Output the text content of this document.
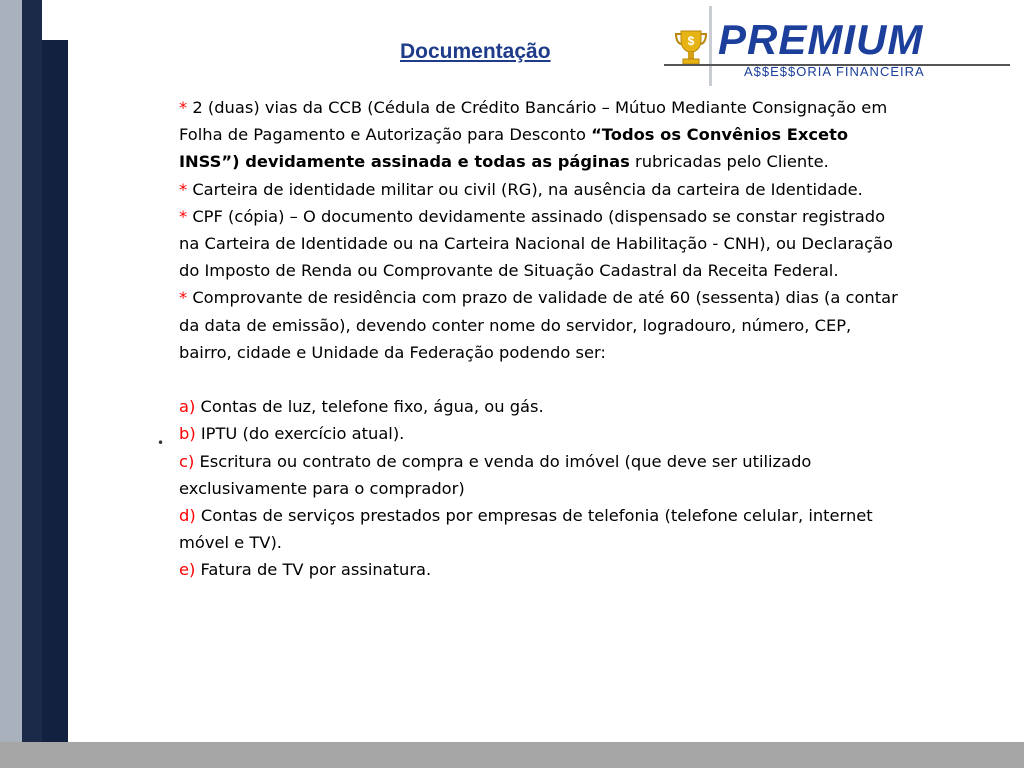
Documentação	$ PREMIUM
A$$E$$ORIA FINANCEIRA
•

* 2 (duas) vias da CCB (Cédula de Crédito Bancário – Mútuo Mediante Consignação em Folha de Pagamento e Autorização para Desconto “Todos os Convênios Exceto INSS”) devidamente assinada e todas as páginas rubricadas pelo Cliente.

* Carteira de identidade militar ou civil (RG), na ausência da carteira de Identidade.

* CPF (cópia) – O documento devidamente assinado (dispensado se constar registrado na Carteira de Identidade ou na Carteira Nacional de Habilitação - CNH), ou Declaração do Imposto de Renda ou Comprovante de Situação Cadastral da Receita Federal.

* Comprovante de residência com prazo de validade de até 60 (sessenta) dias (a contar da data de emissão), devendo conter nome do servidor, logradouro, número, CEP, bairro, cidade e Unidade da Federação podendo ser:

a) Contas de luz, telefone fixo, água, ou gás.

b) IPTU (do exercício atual).

c) Escritura ou contrato de compra e venda do imóvel (que deve ser utilizado exclusivamente para o comprador)

d) Contas de serviços prestados por empresas de telefonia (telefone celular, internet móvel e TV).

e) Fatura de TV por assinatura.
